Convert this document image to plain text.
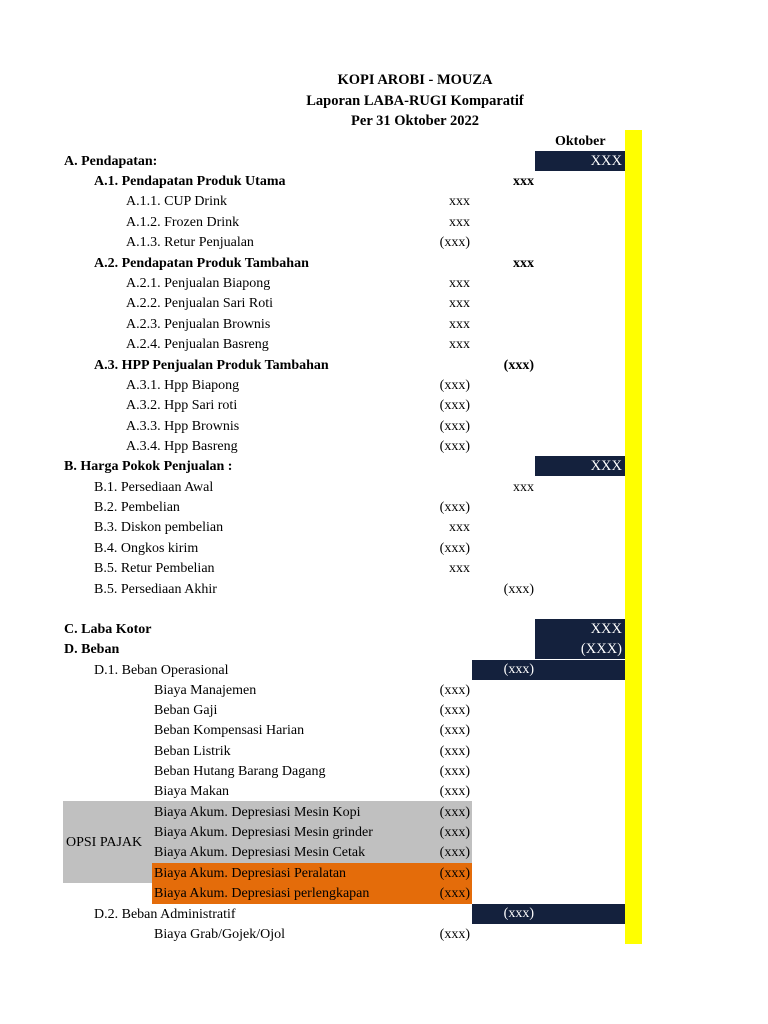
KOPI AROBI - MOUZA
Laporan LABA-RUGI Komparatif
Per 31 Oktober 2022
Oktober
A. Pendapatan:	XXX
A.1. Pendapatan Produk Utama	xxx
A.1.1. CUP Drink	xxx
A.1.2. Frozen Drink	xxx
A.1.3. Retur Penjualan	(xxx)
A.2. Pendapatan Produk Tambahan	xxx
A.2.1. Penjualan Biapong	xxx
A.2.2. Penjualan Sari Roti	xxx
A.2.3. Penjualan Brownis	xxx
A.2.4. Penjualan Basreng	xxx
A.3. HPP Penjualan Produk Tambahan	(xxx)
A.3.1. Hpp Biapong	(xxx)
A.3.2. Hpp Sari roti	(xxx)
A.3.3. Hpp Brownis	(xxx)
A.3.4. Hpp Basreng	(xxx)
B. Harga Pokok Penjualan :	XXX
B.1. Persediaan Awal	xxx
B.2. Pembelian	(xxx)
B.3. Diskon pembelian	xxx
B.4. Ongkos kirim	(xxx)
B.5. Retur Pembelian	xxx
B.5. Persediaan Akhir	(xxx)
C. Laba Kotor	XXX
D. Beban	(XXX)
D.1. Beban Operasional	(xxx)
Biaya Manajemen	(xxx)
Beban Gaji	(xxx)
Beban Kompensasi Harian	(xxx)
Beban Listrik	(xxx)
Beban Hutang Barang Dagang	(xxx)
Biaya Makan	(xxx)
OPSI PAJAK
Biaya Akum. Depresiasi Mesin Kopi	(xxx)
Biaya Akum. Depresiasi Mesin grinder	(xxx)
Biaya Akum. Depresiasi Mesin Cetak	(xxx)
Biaya Akum. Depresiasi Peralatan	(xxx)
Biaya Akum. Depresiasi perlengkapan	(xxx)
D.2. Beban Administratif	(xxx)
Biaya Grab/Gojek/Ojol	(xxx)
